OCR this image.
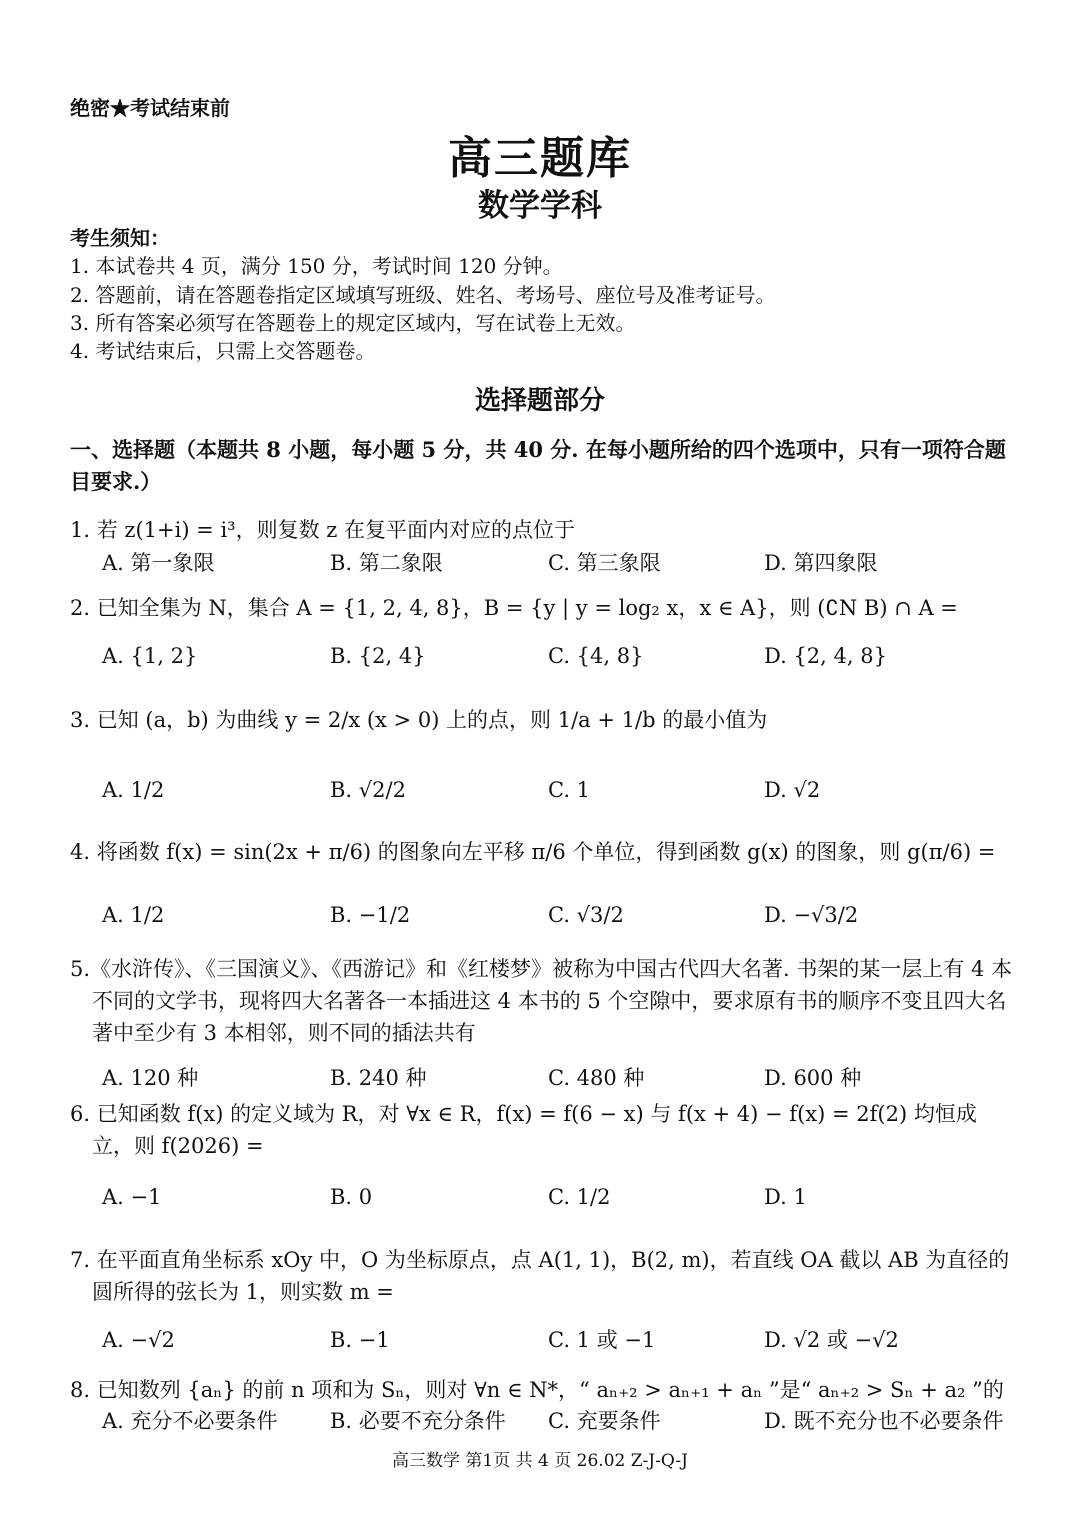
绝密★考试结束前
高三题库
数学学科
考生须知：
1. 本试卷共 4 页，满分 150 分，考试时间 120 分钟。
2. 答题前，请在答题卷指定区域填写班级、姓名、考场号、座位号及准考证号。
3. 所有答案必须写在答题卷上的规定区域内，写在试卷上无效。
4. 考试结束后，只需上交答题卷。
选择题部分
一、选择题（本题共 8 小题，每小题 5 分，共 40 分. 在每小题所给的四个选项中，只有一项符合题目要求.）
1. 若 z(1+i) = i³，则复数 z 在复平面内对应的点位于
A. 第一象限	B. 第二象限	C. 第三象限	D. 第四象限
2. 已知全集为 N，集合 A = {1, 2, 4, 8}，B = {y | y = log₂ x，x ∈ A}，则 (∁N B) ∩ A =
A. {1, 2}	B. {2, 4}	C. {4, 8}	D. {2, 4, 8}
3. 已知 (a，b) 为曲线 y = 2/x (x > 0) 上的点，则 1/a + 1/b 的最小值为
A. 1/2	B. √2/2	C. 1	D. √2
4. 将函数 f(x) = sin(2x + π/6) 的图象向左平移 π/6 个单位，得到函数 g(x) 的图象，则 g(π/6) =
A. 1/2	B. −1/2	C. √3/2	D. −√3/2
5.《水浒传》、《三国演义》、《西游记》和《红楼梦》被称为中国古代四大名著. 书架的某一层上有 4 本不同的文学书，现将四大名著各一本插进这 4 本书的 5 个空隙中，要求原有书的顺序不变且四大名著中至少有 3 本相邻，则不同的插法共有
A. 120 种	B. 240 种	C. 480 种	D. 600 种
6. 已知函数 f(x) 的定义域为 R，对 ∀x ∈ R，f(x) = f(6 − x) 与 f(x + 4) − f(x) = 2f(2) 均恒成立，则 f(2026) =
A. −1	B. 0	C. 1/2	D. 1
7. 在平面直角坐标系 xOy 中，O 为坐标原点，点 A(1, 1)，B(2, m)，若直线 OA 截以 AB 为直径的圆所得的弦长为 1，则实数 m =
A. −√2	B. −1	C. 1 或 −1	D. √2 或 −√2
8. 已知数列 {aₙ} 的前 n 项和为 Sₙ，则对 ∀n ∈ N*，“ aₙ₊₂ > aₙ₊₁ + aₙ ”是“ aₙ₊₂ > Sₙ + a₂ ”的
A. 充分不必要条件 B. 必要不充分条件 C. 充要条件	D. 既不充分也不必要条件
高三数学 第1页 共 4 页 26.02 Z-J-Q-J
